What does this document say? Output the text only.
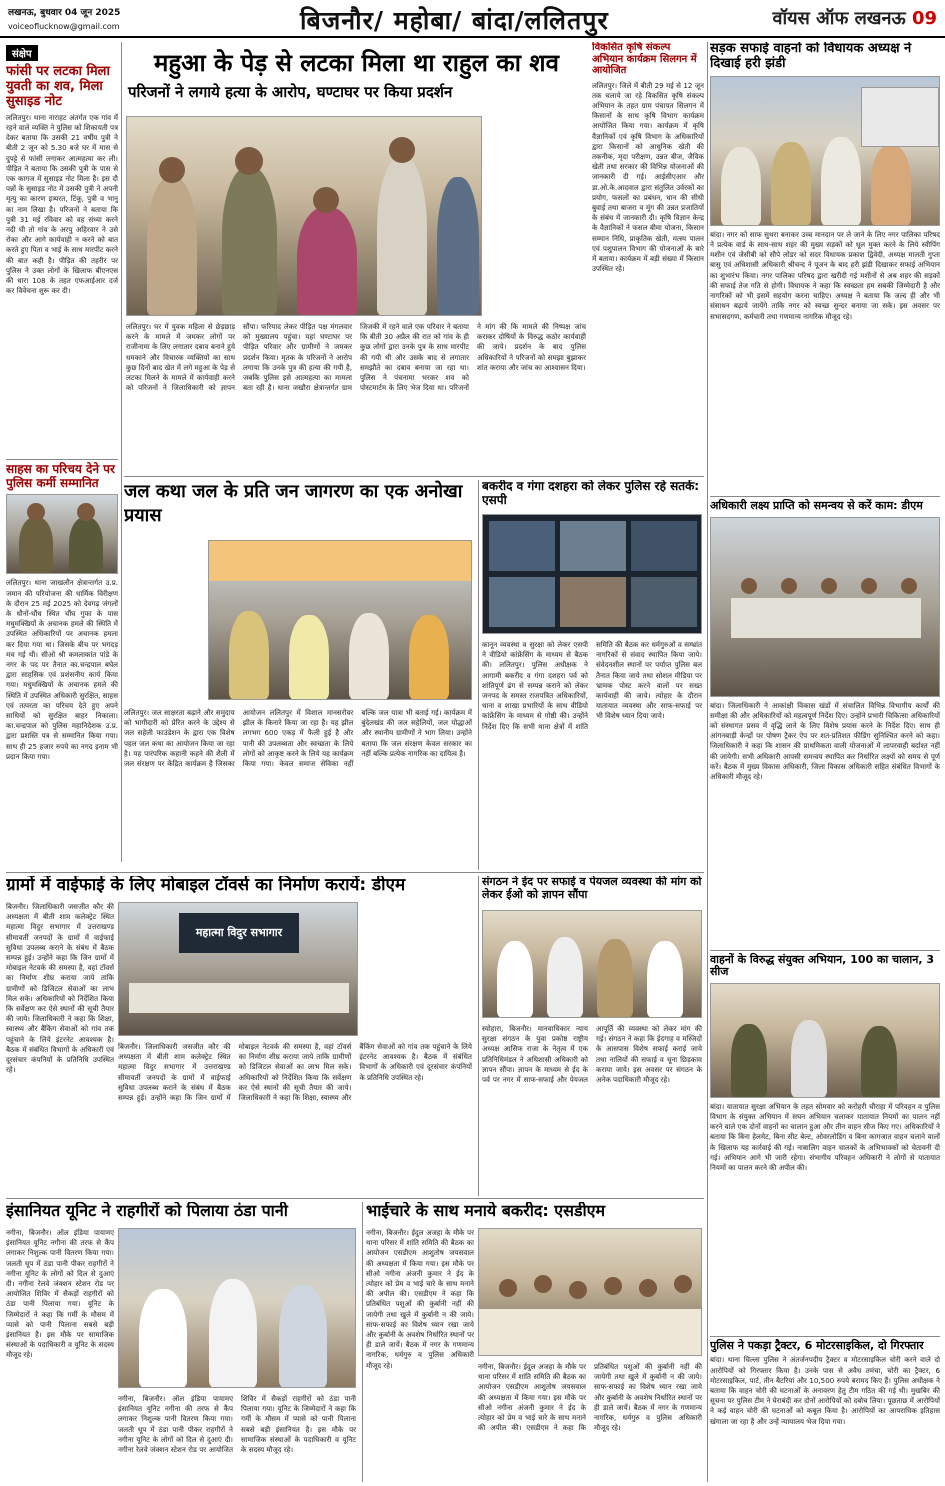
लखनऊ, बुधवार 04 जून 2025
voiceoflucknow@gmail.com	बिजनौर/ महोबा/ बांदा/ललितपुर	वॉयस ऑफ लखनऊ 09
संक्षेप
फांसी पर लटका मिला युवती का शव, मिला सुसाइड नोट
ललितपुर। थाना नाराहट अंतर्गत एक गांव में रहने वाले व्यक्ति ने पुलिस को शिकायती पत्र देकर बताया कि उसकी 21 वर्षीय पुत्री ने बीती 2 जून को 5.30 बजे घर में मास से दुपट्टे से फांसी लगाकर आत्महत्या कर ली। पीड़ित ने बताया कि उसकी पुत्री के पास से एक कागज में सुसाइड नोट मिला है। इस दौ पन्नों के सुसाइड नोट में उसकी पुत्री ने अपनी मृत्यु का कारण इत्र्यरत, टिंकू, पुत्री व भानु का नाम लिखा है। परिजनों ने बताया कि पुत्री 31 मई रविवार को वह संध्या करने नदी घी तो गांव के अरपु अहिरवार ने उसे रोका और आगे कार्यवाही न करने को बात करते हुए पिता व भाई के साथ मारपीट करने की बात कही है। पीड़ित की तहरीर पर पुलिस ने उक्त लोगों के खिलाफ बीएनएस की धारा 108 के तहत एफआईआर दर्ज कर विवेचना शुरू कर दी।
साहस का परिचय देने पर पुलिस कर्मी सम्मानित
ललितपुर। थाना जाखलौन क्षेत्रान्तर्गत उ.प्र. जमान की परियोजना की धार्मिक विरीक्षण के दौरान 25 मई 2025 को देवगढ़ जंगलों के धौनों-धौंध स्थित चौंघ गुफा के पास मधुमक्खियों के अचानक हमले की स्थिति में उपस्थित अधिकारियों पर अचानक हमला कर दिया गया था। जिसके बीच पर भगदड़ मच गई थी। सीओ श्री कमलाकांत पांडे के नगर के पद पर तैनात का.चन्द्रपाल बघेल द्वारा साहसिक एवं प्रशंसनीय कार्य किया गया। मधुमक्खियों के अचानक हमले की स्थिति में उपस्थित अधिकारी सुरक्षित, साहस एवं तत्परता का परिचय देते हुए अपने साथियों को सुरक्षित बाहर निकाला। का.चन्द्रपाल को पुलिस महानिदेशक उ.प्र. द्वारा प्रशस्ति पत्र से सम्मानित किया गया। साथ ही 25 हजार रुपये का नगद इनाम भी प्रदान किया गया।
महुआ के पेड़ से लटका मिला था राहुल का शव
परिजनों ने लगाये हत्या के आरोप, घण्टाघर पर किया प्रदर्शन
ललितपुर। घर में युवक महिला से छेड़छाड़ करने के मामले में जमकर लोगों पर राजीनामा के लिए लगातार दबाव बनाने हुये धमकाने और विचारक व्यक्तियों का साथ कुछ दिनों बाद खेत में लगे महुआ के पेड़ से लटका मिलने के मामले में कार्यवाही करने को परिजनों ने जिलाधिकारी को ज्ञापन सौंपा। फरियाद लेकर पीड़ित पक्ष मंगलवार को मुख्यालय पहुंचा। यहां घण्टाघर पर पीड़ित परिवार और ग्रामीणों ने जमकर प्रदर्शन किया। मृतक के परिजनों ने आरोप लगाया कि उनके पुत्र की हत्या की गयी है, जबकि पुलिस इसे आत्महत्या का मामला बता रही है। थाना जखौरा क्षेत्रान्तर्गत ग्राम जिजकी में रहने वाले एक परिवार ने बताया कि बीती 30 अप्रैल की रात को गांव के ही कुछ लोगों द्वारा उनके पुत्र के साथ मारपीट की गयी थी और उसके बाद से लगातार समझौते का दबाव बनाया जा रहा था। पुलिस ने पंचनामा भरकर शव को पोस्टमार्टम के लिए भेज दिया था। परिजनों ने मांग की कि मामले की निष्पक्ष जांच कराकर दोषियों के विरुद्ध कठोर कार्यवाही की जाये। प्रदर्शन के बाद पुलिस अधिकारियों ने परिजनों को समझा बुझाकर शांत कराया और जांच का आश्वासन दिया।
विकसित कृषि संकल्प अभियान कार्यक्रम सिलगन में आयोजित
ललितपुर। जिले में बीती 29 मई से 12 जून तक चलाये जा रहे विकसित कृषि संकल्प अभियान के तहत ग्राम पंचायत सिलगन में किसानों के साथ कृषि विभाग कार्यक्रम आयोजित किया गया। कार्यक्रम में कृषि वैज्ञानिकों एवं कृषि विभाग के अधिकारियों द्वारा किसानों को आधुनिक खेती की तकनीक, मृदा परीक्षण, उन्नत बीज, जैविक खेती तथा सरकार की विभिन्न योजनाओं की जानकारी दी गई। आईसीएआर और डा.ओ.के.आदवाल द्वारा संतुलित उर्वरकों का प्रयोग, फसलों का प्रबंधन, धान की सीधी बुवाई तथा बाजरा व मूंग की उन्नत प्रजातियों के संबंध में जानकारी दी। कृषि विज्ञान केन्द्र के वैज्ञानिकों ने फसल बीमा योजना, किसान सम्मान निधि, प्राकृतिक खेती, मत्स्य पालन एवं पशुपालन विभाग की योजनाओं के बारे में बताया। कार्यक्रम में बड़ी संख्या में किसान उपस्थित रहे।
सड़क सफाई वाहनों को विधायक अध्यक्ष ने दिखाई हरी झंडी
बांदा। नगर को साफ सुथरा बनाकर उच्च मानदान पर ले जाने के लिए नगर पालिका परिषद ने प्रत्येक वार्ड के साथ-साथ शहर की मुख्य सड़कों को धूल मुक्त करने के लिये स्वीपिंग मशीन एवं जेसीबी को सौपे लोडर को सदर विधायक प्रकाश द्विवेदी, अध्यक्ष मालती गुप्ता बासु एवं अधिशासी अधिकारी श्रीचन्द ने पूजन के बाद हरी झंडी दिखाकर सफाई अभियान का शुभारंभ किया। नगर पालिका परिषद द्वारा खरीदी गई मशीनों से अब शहर की सड़कों की सफाई तेज गति से होगी। विधायक ने कहा कि स्वच्छता हम सबकी जिम्मेदारी है और नागरिकों को भी इसमें सहयोग करना चाहिए। अध्यक्ष ने बताया कि जल्द ही और भी संसाधन बढ़ाये जायेंगे ताकि नगर को स्वच्छ सुन्दर बनाया जा सके। इस अवसर पर सभासदगण, कर्मचारी तथा गणमान्य नागरिक मौजूद रहे।
अधिकारी लक्ष्य प्राप्ति को समन्वय से करें काम: डीएम
बांदा। जिलाधिकारी ने आकांक्षी विकास खंडों में संचालित विभिन्न विभागीय कार्यों की समीक्षा की और अधिकारियों को महत्वपूर्ण निर्देश दिए। उन्होंने प्रभारी चिकित्सा अधिकारियों को संस्थागत प्रसव में वृद्धि लाने के लिए विशेष प्रयास करने के निर्देश दिए। साथ ही आंगनबाड़ी केन्द्रों पर पोषण ट्रैकर ऐप पर शत-प्रतिशत फीडिंग सुनिश्चित करने को कहा। जिलाधिकारी ने कहा कि शासन की प्राथमिकता वाली योजनाओं में लापरवाही बर्दाश्त नहीं की जायेगी। सभी अधिकारी आपसी समन्वय स्थापित कर निर्धारित लक्ष्यों को समय से पूर्ण करें। बैठक में मुख्य विकास अधिकारी, जिला विकास अधिकारी सहित संबंधित विभागों के अधिकारी मौजूद रहे।
वाहनों के विरुद्ध संयुक्त अभियान, 100 का चालान, 3 सीज
बांदा। यातायात सुरक्षा अभियान के तहत सोमवार को करोहरी चौराहा में परिवहन व पुलिस विभाग के संयुक्त अभियान में सघन अभियान चलाकर यातायात नियमों का पालन नहीं करने वाले एक दोनों वाहनों का चालान हुआ और तीन वाहन सीज किए गए। अधिकारियों ने बताया कि बिना हेलमेट, बिना सीट बेल्ट, ओवरलोडिंग व बिना कागजात वाहन चलाने वालों के खिलाफ यह कार्रवाई की गई। नाबालिग वाहन चालकों के अभिभावकों को चेतावनी दी गई। अभियान आगे भी जारी रहेगा। संभागीय परिवहन अधिकारी ने लोगों से यातायात नियमों का पालन करने की अपील की।
पुलिस ने पकड़ा ट्रैक्टर, 6 मोटरसाइकिल, दो गिरफ्तार
बांदा। थाना चिल्ला पुलिस ने अंतर्जनपदीय ट्रैक्टर व मोटरसाइकिल चोरी करने वाले दो आरोपियों को गिरफ्तार किया है। उनके पास से अवैध तमंचा, चोरी का ट्रैक्टर, 6 मोटरसाइकिल, पार्ट, तीन बैटरियां और 10,500 रुपये बरामद किए हैं। पुलिस अधीक्षक ने बताया कि वाहन चोरी की घटनाओं के अनावरण हेतु टीम गठित की गई थी। मुखबिर की सूचना पर पुलिस टीम ने घेराबंदी कर दोनों आरोपियों को दबोच लिया। पूछताछ में आरोपियों ने कई वाहन चोरी की घटनाओं को कबूल किया है। आरोपियों का आपराधिक इतिहास खंगाला जा रहा है और उन्हें न्यायालय भेज दिया गया।
जल कथा जल के प्रति जन जागरण का एक अनोखा प्रयास
ललितपुर। जल साक्षरता बढ़ाने और समुदाय को भागीदारी को प्रेरित करने के उद्देश्य से जल सहेली फाउंडेशन के द्वारा एक विशेष पहल जल कथा का आयोजन किया जा रहा है। यह पारंपरिक कहानी कहने की शैली में जल संरक्षण पर केंद्रित कार्यक्रम है जिसका आयोजन ललितपुर में विशाल मानसरोवर झील के किनारे किया जा रहा है। यह झील लगभग 600 एकड़ में फैली हुई है और पानी की उपलब्धता और स्वच्छता के लिये लोगों को आकृष्ट करने के लिये यह कार्यक्रम किया गया। केवल समाज सेविका नहीं बल्कि जल यात्रा भी बताई गई। कार्यक्रम में बुंदेलखंड की जल सहेलियों, जल योद्धाओं और स्थानीय ग्रामीणों ने भाग लिया। उन्होंने बताया कि जल संरक्षण केवल सरकार का नहीं बल्कि प्रत्येक नागरिक का दायित्व है।
बकरीद व गंगा दशहरा को लेकर पुलिस रहे सतर्क: एसपी
कानून व्यवस्था व सुरक्षा को लेकर एसपी ने वीडियो कांफ्रेंसिंग के माध्यम से बैठक की। ललितपुर। पुलिस अधीक्षक ने आगामी बकरीद व गंगा दशहरा पर्व को शांतिपूर्ण ढंग से सम्पन्न कराने को लेकर जनपद के समस्त राजपत्रित अधिकारियों, थाना व शाखा प्रभारियों के साथ वीडियो कांफ्रेंसिंग के माध्यम से गोष्ठी की। उन्होंने निर्देश दिए कि सभी थाना क्षेत्रों में शांति समिति की बैठक कर धर्मगुरुओं व सम्भ्रांत नागरिकों से संवाद स्थापित किया जाये। संवेदनशील स्थानों पर पर्याप्त पुलिस बल तैनात किया जाये तथा सोशल मीडिया पर भ्रामक पोस्ट करने वालों पर सख्त कार्यवाही की जाये। त्योहार के दौरान यातायात व्यवस्था और साफ-सफाई पर भी विशेष ध्यान दिया जाये।
ग्रामों में वाईफाई के लिए मोबाइल टॉवर्स का निर्माण करायें: डीएम
महात्मा विदुर सभागार
बिजनौर। जिलाधिकारी जसजीत कौर की अध्यक्षता में बीती शाम कलेक्ट्रेट स्थित महात्मा विदुर सभागार में उत्तराखण्ड सीमावर्ती जनपदों के ग्रामों में वाईफाई सुविधा उपलब्ध कराने के संबंध में बैठक सम्पन्न हुई। उन्होंने कहा कि जिन ग्रामों में मोबाइल नेटवर्क की समस्या है, वहां टॉवर्स का निर्माण शीघ्र कराया जाये ताकि ग्रामीणों को डिजिटल सेवाओं का लाभ मिल सके। अधिकारियों को निर्देशित किया कि सर्वेक्षण कर ऐसे स्थानों की सूची तैयार की जाये। जिलाधिकारी ने कहा कि शिक्षा, स्वास्थ्य और बैंकिंग सेवाओं को गांव तक पहुंचाने के लिये इंटरनेट आवश्यक है। बैठक में संबंधित विभागों के अधिकारी एवं दूरसंचार कंपनियों के प्रतिनिधि उपस्थित रहे।
बिजनौर। जिलाधिकारी जसजीत कौर की अध्यक्षता में बीती शाम कलेक्ट्रेट स्थित महात्मा विदुर सभागार में उत्तराखण्ड सीमावर्ती जनपदों के ग्रामों में वाईफाई सुविधा उपलब्ध कराने के संबंध में बैठक सम्पन्न हुई। उन्होंने कहा कि जिन ग्रामों में मोबाइल नेटवर्क की समस्या है, वहां टॉवर्स का निर्माण शीघ्र कराया जाये ताकि ग्रामीणों को डिजिटल सेवाओं का लाभ मिल सके। अधिकारियों को निर्देशित किया कि सर्वेक्षण कर ऐसे स्थानों की सूची तैयार की जाये। जिलाधिकारी ने कहा कि शिक्षा, स्वास्थ्य और बैंकिंग सेवाओं को गांव तक पहुंचाने के लिये इंटरनेट आवश्यक है। बैठक में संबंधित विभागों के अधिकारी एवं दूरसंचार कंपनियों के प्रतिनिधि उपस्थित रहे।
संगठन ने ईद पर सफाई व पेयजल व्यवस्था की मांग को लेकर ईओ को ज्ञापन सौंपा
स्योहारा, बिजनौर। मानवाधिकार न्याय सुरक्षा संगठन के युवा प्रकोष्ठ राष्ट्रीय अध्यक्ष आसिफ राजा के नेतृत्व में एक प्रतिनिधिमंडल ने अधिशासी अधिकारी को ज्ञापन सौंपा। ज्ञापन के माध्यम से ईद के पर्व पर नगर में साफ-सफाई और पेयजल आपूर्ति की व्यवस्था को लेकर मांग की गई। संगठन ने कहा कि ईदगाह व मस्जिदों के आसपास विशेष सफाई कराई जाये तथा नालियों की सफाई व चूना छिड़काव कराया जाये। इस अवसर पर संगठन के अनेक पदाधिकारी मौजूद रहे।
इंसानियत यूनिट ने राहगीरों को पिलाया ठंडा पानी
नगीना, बिजनौर। ऑल इंडिया पायामए इंसानियत यूनिट नगीना की तरफ से कैंप लगाकर निशुल्क पानी वितरण किया गया। जलती धूप में ठंडा पानी पीकर राहगीरों ने नगीना यूनिट के लोगों को दिल से दुआएं दी। नगीना रेलवे जंक्शन स्टेशन रोड पर आयोजित शिविर में सैकड़ों राहगीरों को ठंडा पानी पिलाया गया। यूनिट के जिम्मेदारों ने कहा कि गर्मी के मौसम में प्यासे को पानी पिलाना सबसे बड़ी इंसानियत है। इस मौके पर सामाजिक संस्थाओं के पदाधिकारी व यूनिट के सदस्य मौजूद रहे।
नगीना, बिजनौर। ऑल इंडिया पायामए इंसानियत यूनिट नगीना की तरफ से कैंप लगाकर निशुल्क पानी वितरण किया गया। जलती धूप में ठंडा पानी पीकर राहगीरों ने नगीना यूनिट के लोगों को दिल से दुआएं दी। नगीना रेलवे जंक्शन स्टेशन रोड पर आयोजित शिविर में सैकड़ों राहगीरों को ठंडा पानी पिलाया गया। यूनिट के जिम्मेदारों ने कहा कि गर्मी के मौसम में प्यासे को पानी पिलाना सबसे बड़ी इंसानियत है। इस मौके पर सामाजिक संस्थाओं के पदाधिकारी व यूनिट के सदस्य मौजूद रहे।
भाईचारे के साथ मनाये बकरीद: एसडीएम
नगीना, बिजनौर। ईदुल अजहा के मौके पर थाना परिसर में शांति समिति की बैठक का आयोजन एसडीएम आशुतोष जयसवाल की अध्यक्षता में किया गया। इस मौके पर सीओ नगीना अंजनी कुमार ने ईद के त्योहार को प्रेम व भाई चारे के साथ मनाने की अपील की। एसडीएम ने कहा कि प्रतिबंधित पशुओं की कुर्बानी नहीं की जायेगी तथा खुले में कुर्बानी न की जाये। साफ-सफाई का विशेष ध्यान रखा जाये और कुर्बानी के अवशेष निर्धारित स्थानों पर ही डाले जायें। बैठक में नगर के गणमान्य नागरिक, धर्मगुरु व पुलिस अधिकारी मौजूद रहे।	नगीना, बिजनौर। ईदुल अजहा के मौके पर थाना परिसर में शांति समिति की बैठक का आयोजन एसडीएम आशुतोष जयसवाल की अध्यक्षता में किया गया। इस मौके पर सीओ नगीना अंजनी कुमार ने ईद के त्योहार को प्रेम व भाई चारे के साथ मनाने की अपील की। एसडीएम ने कहा कि प्रतिबंधित पशुओं की कुर्बानी नहीं की जायेगी तथा खुले में कुर्बानी न की जाये। साफ-सफाई का विशेष ध्यान रखा जाये और कुर्बानी के अवशेष निर्धारित स्थानों पर ही डाले जायें। बैठक में नगर के गणमान्य नागरिक, धर्मगुरु व पुलिस अधिकारी मौजूद रहे।
